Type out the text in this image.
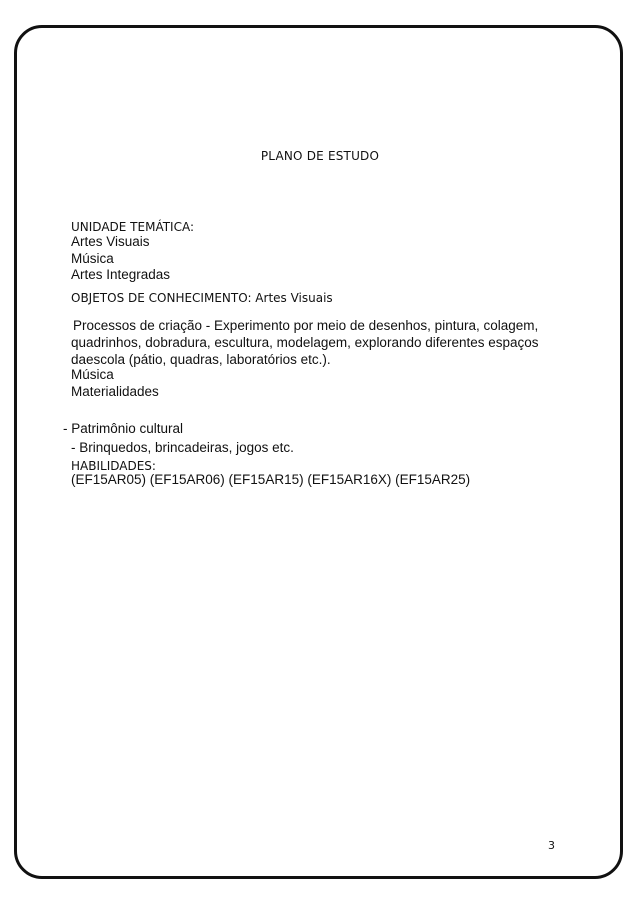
PLANO DE ESTUDO
UNIDADE TEMÁTICA:
Artes Visuais
Música
Artes Integradas
OBJETOS DE CONHECIMENTO: Artes Visuais
Processos de criação - Experimento por meio de desenhos, pintura, colagem, quadrinhos, dobradura, escultura, modelagem, explorando diferentes espaços daescola (pátio, quadras, laboratórios etc.).
Música
Materialidades
- Patrimônio cultural
- Brinquedos, brincadeiras, jogos etc.
HABILIDADES:
(EF15AR05) (EF15AR06) (EF15AR15) (EF15AR16X) (EF15AR25)
3
